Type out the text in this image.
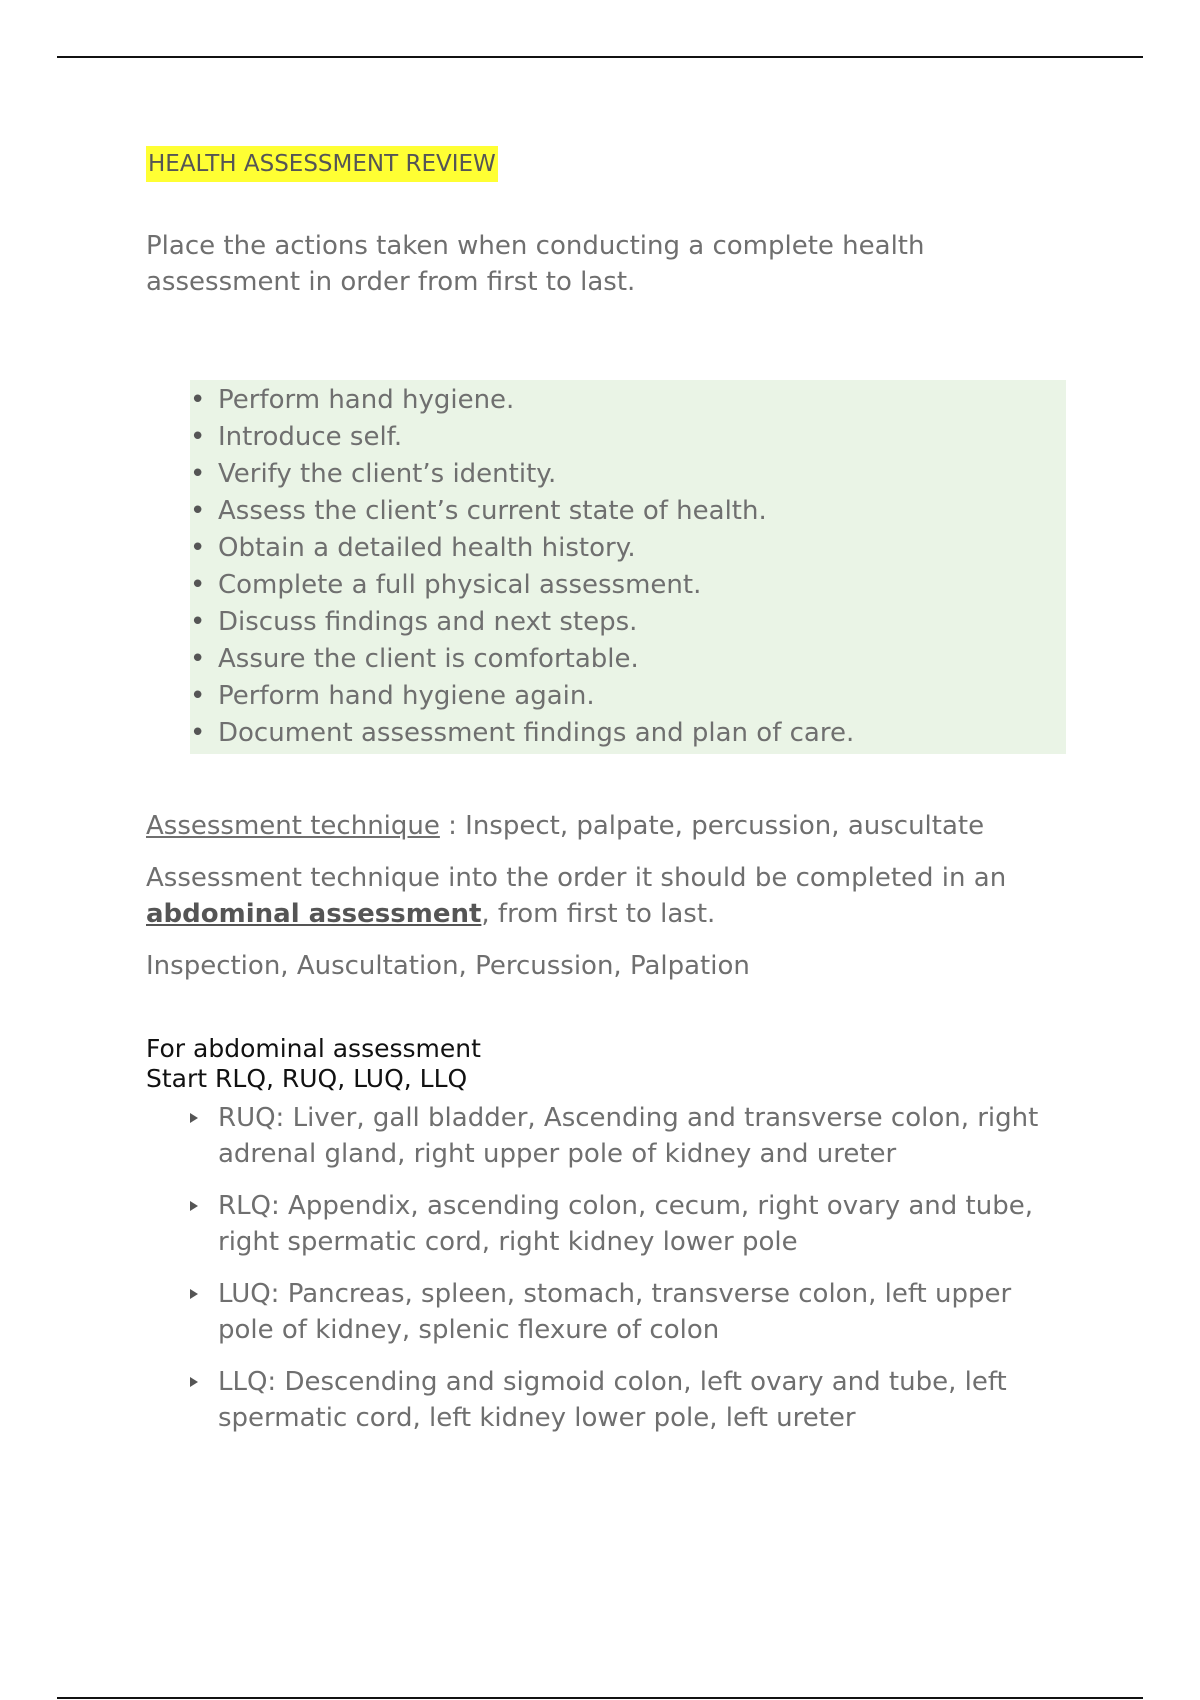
HEALTH ASSESSMENT REVIEW

Place the actions taken when conducting a complete health assessment in order from first to last.

• Perform hand hygiene.
• Introduce self.
• Verify the client’s identity.
• Assess the client’s current state of health.
• Obtain a detailed health history.
• Complete a full physical assessment.
• Discuss findings and next steps.
• Assure the client is comfortable.
• Perform hand hygiene again.
• Document assessment findings and plan of care.

Assessment technique : Inspect, palpate, percussion, auscultate

Assessment technique into the order it should be completed in an abdominal assessment, from first to last.

Inspection, Auscultation, Percussion, Palpation

For abdominal assessment
Start RLQ, RUQ, LUQ, LLQ
RUQ: Liver, gall bladder, Ascending and transverse colon, right adrenal gland, right upper pole of kidney and ureter
RLQ: Appendix, ascending colon, cecum, right ovary and tube, right spermatic cord, right kidney lower pole
LUQ: Pancreas, spleen, stomach, transverse colon, left upper pole of kidney, splenic flexure of colon
LLQ: Descending and sigmoid colon, left ovary and tube, left spermatic cord, left kidney lower pole, left ureter
